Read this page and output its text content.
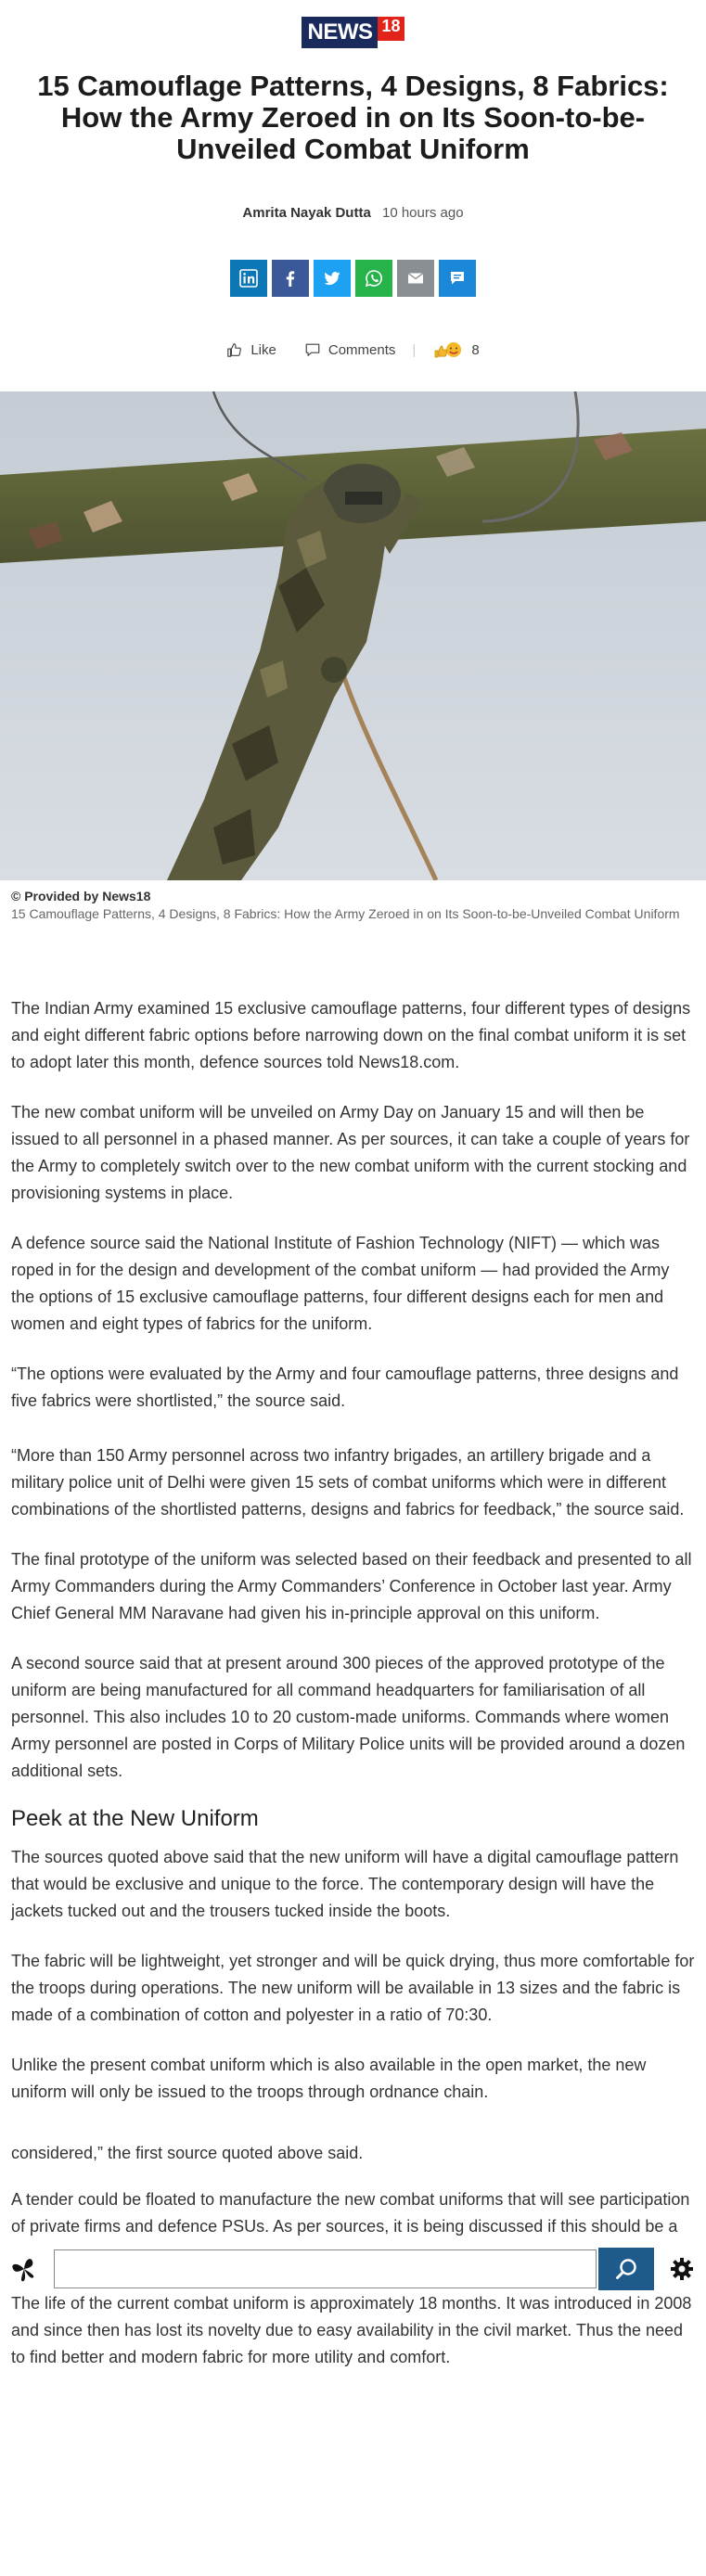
NEWS 18
15 Camouflage Patterns, 4 Designs, 8 Fabrics: How the Army Zeroed in on Its Soon-to-be-Unveiled Combat Uniform
Amrita Nayak Dutta 10 hours ago
Like	Comments |	8
© Provided by News18
15 Camouflage Patterns, 4 Designs, 8 Fabrics: How the Army Zeroed in on Its Soon-to-be-Unveiled Combat Uniform

The Indian Army examined 15 exclusive camouflage patterns, four different types of designs and eight different fabric options before narrowing down on the final combat uniform it is set to adopt later this month, defence sources told News18.com.

The new combat uniform will be unveiled on Army Day on January 15 and will then be issued to all personnel in a phased manner. As per sources, it can take a couple of years for the Army to completely switch over to the new combat uniform with the current stocking and provisioning systems in place.

A defence source said the National Institute of Fashion Technology (NIFT) — which was roped in for the design and development of the combat uniform — had provided the Army the options of 15 exclusive camouflage patterns, four different designs each for men and women and eight types of fabrics for the uniform.

“The options were evaluated by the Army and four camouflage patterns, three designs and five fabrics were shortlisted,” the source said.

“More than 150 Army personnel across two infantry brigades, an artillery brigade and a military police unit of Delhi were given 15 sets of combat uniforms which were in different combinations of the shortlisted patterns, designs and fabrics for feedback,” the source said.

The final prototype of the uniform was selected based on their feedback and presented to all Army Commanders during the Army Commanders’ Conference in October last year. Army Chief General MM Naravane had given his in-principle approval on this uniform.

A second source said that at present around 300 pieces of the approved prototype of the uniform are being manufactured for all command headquarters for familiarisation of all personnel. This also includes 10 to 20 custom-made uniforms. Commands where women Army personnel are posted in Corps of Military Police units will be provided around a dozen additional sets.

Peek at the New Uniform

The sources quoted above said that the new uniform will have a digital camouflage pattern that would be exclusive and unique to the force. The contemporary design will have the jackets tucked out and the trousers tucked inside the boots.

The fabric will be lightweight, yet stronger and will be quick drying, thus more comfortable for the troops during operations. The new uniform will be available in 13 sizes and the fabric is made of a combination of cotton and polyester in a ratio of 70:30.

Unlike the present combat uniform which is also available in the open market, the new uniform will only be issued to the troops through ordnance chain.

considered,” the first source quoted above said.

A tender could be floated to manufacture the new combat uniforms that will see participation of private firms and defence PSUs. As per sources, it is being discussed if this should be a

The life of the current combat uniform is approximately 18 months. It was introduced in 2008 and since then has lost its novelty due to easy availability in the civil market. Thus the need to find better and modern fabric for more utility and comfort.
